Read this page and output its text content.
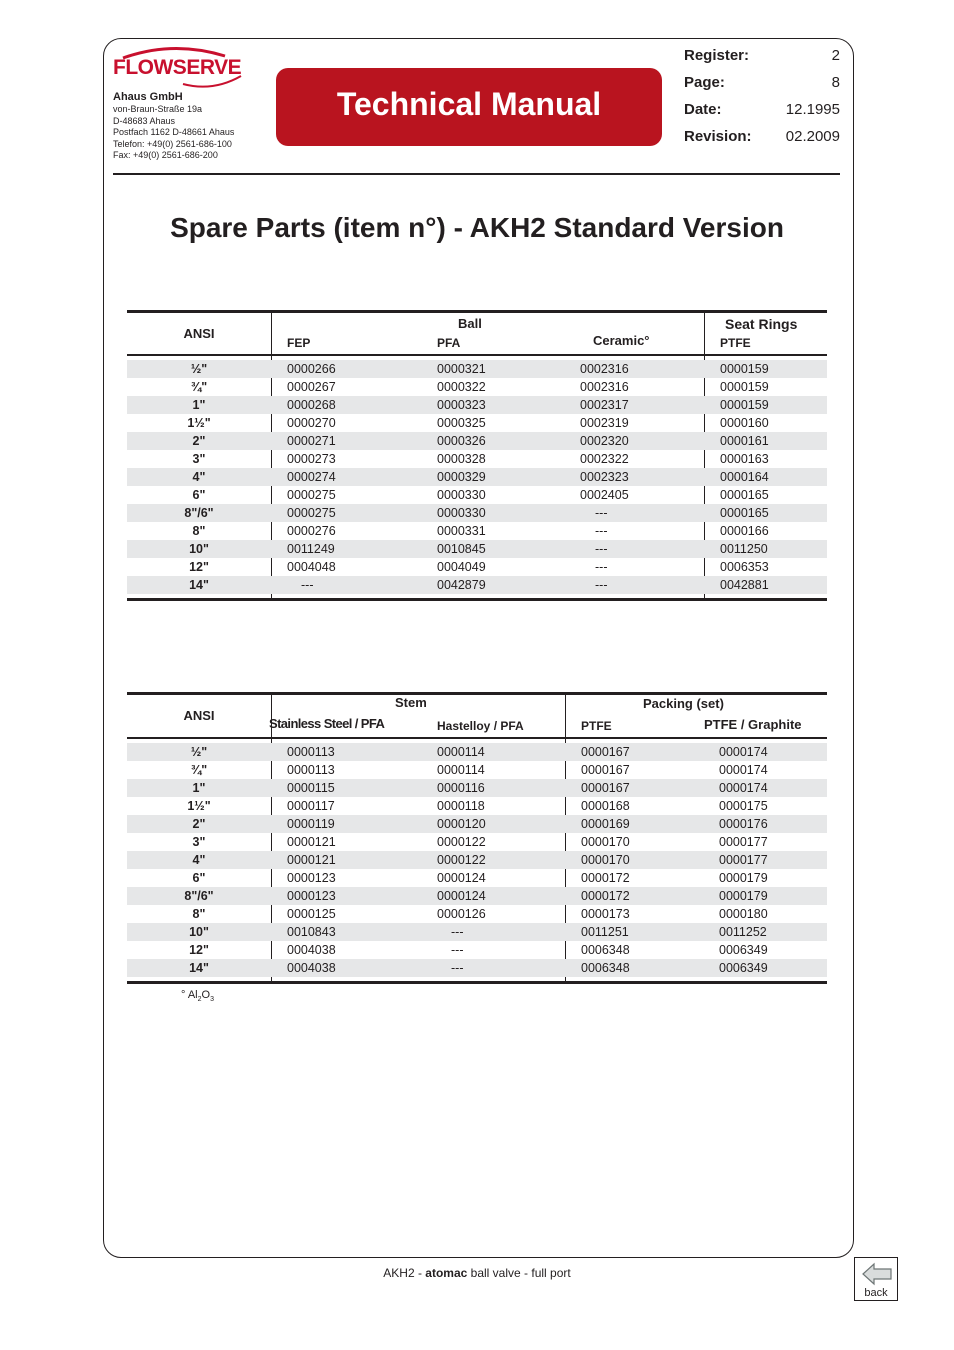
FLOWSERVE
Ahaus GmbH
von-Braun-Straße 19a
D-48683 Ahaus
Postfach 1162 D-48661 Ahaus
Telefon: +49(0) 2561-686-100
Fax: +49(0) 2561-686-200
Technical Manual
Register:	2
Page:	8
Date:	12.1995
Revision: 02.2009
Spare Parts (item n°) - AKH2 Standard Version
ANSI
Ball
FEP	PFA	Ceramic°
Seat Rings
PTFE
½"	0000266	0000321	0002316	0000159
¾"	0000267	0000322	0002316	0000159
1"	0000268	0000323	0002317	0000159
1½"	0000270	0000325	0002319	0000160
2"	0000271	0000326	0002320	0000161
3"	0000273	0000328	0002322	0000163
4"	0000274	0000329	0002323	0000164
6"	0000275	0000330	0002405	0000165
8"/6"	0000275	0000330	---	0000165
8"	0000276	0000331	---	0000166
10"	0011249	0010845	---	0011250
12"	0004048	0004049	---	0006353
14"	---	0042879	---	0042881
ANSI
Stem
Stainless Steel / PFA	Hastelloy / PFA
Packing (set)
PTFE	PTFE / Graphite
½"	0000113	0000114	0000167	0000174
¾"	0000113	0000114	0000167	0000174
1"	0000115	0000116	0000167	0000174
1½"	0000117	0000118	0000168	0000175
2"	0000119	0000120	0000169	0000176
3"	0000121	0000122	0000170	0000177
4"	0000121	0000122	0000170	0000177
6"	0000123	0000124	0000172	0000179
8"/6"	0000123	0000124	0000172	0000179
8"	0000125	0000126	0000173	0000180
10"	0010843	---	0011251	0011252
12"	0004038	---	0006348	0006349
14"	0004038	---	0006348	0006349
° $Al_2O_3$
AKH2 - atomac ball valve - full port
back
